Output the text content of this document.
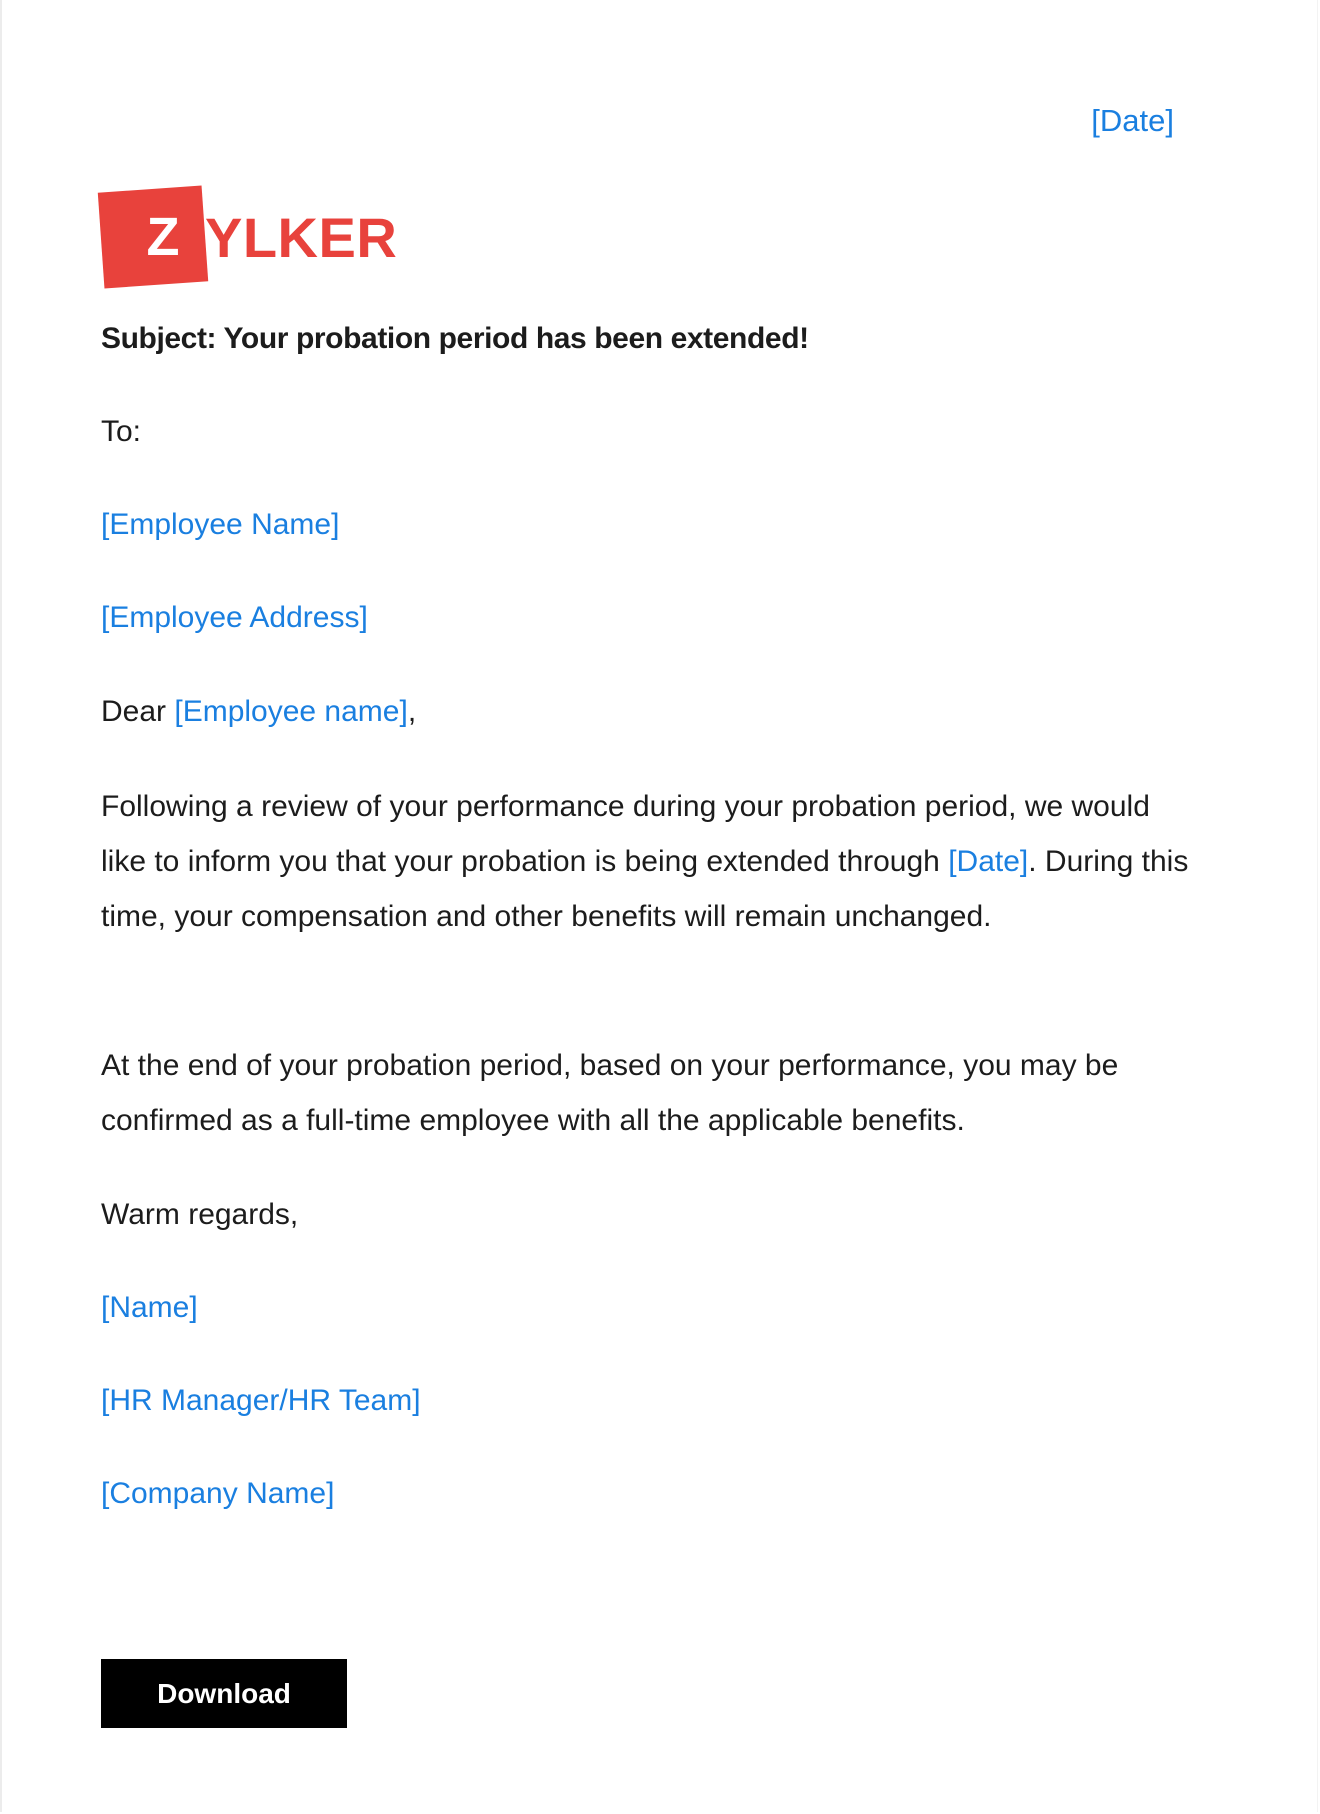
[Date]
Z YLKER
Subject: Your probation period has been extended!
To:
[Employee Name]
[Employee Address]
Dear [Employee name],
Following a review of your performance during your probation period, we would like to inform you that your probation is being extended through [Date]. During this time, your compensation and other benefits will remain unchanged.
At the end of your probation period, based on your performance, you may be confirmed as a full-time employee with all the applicable benefits.
Warm regards,
[Name]
[HR Manager/HR Team]
[Company Name]
Download
